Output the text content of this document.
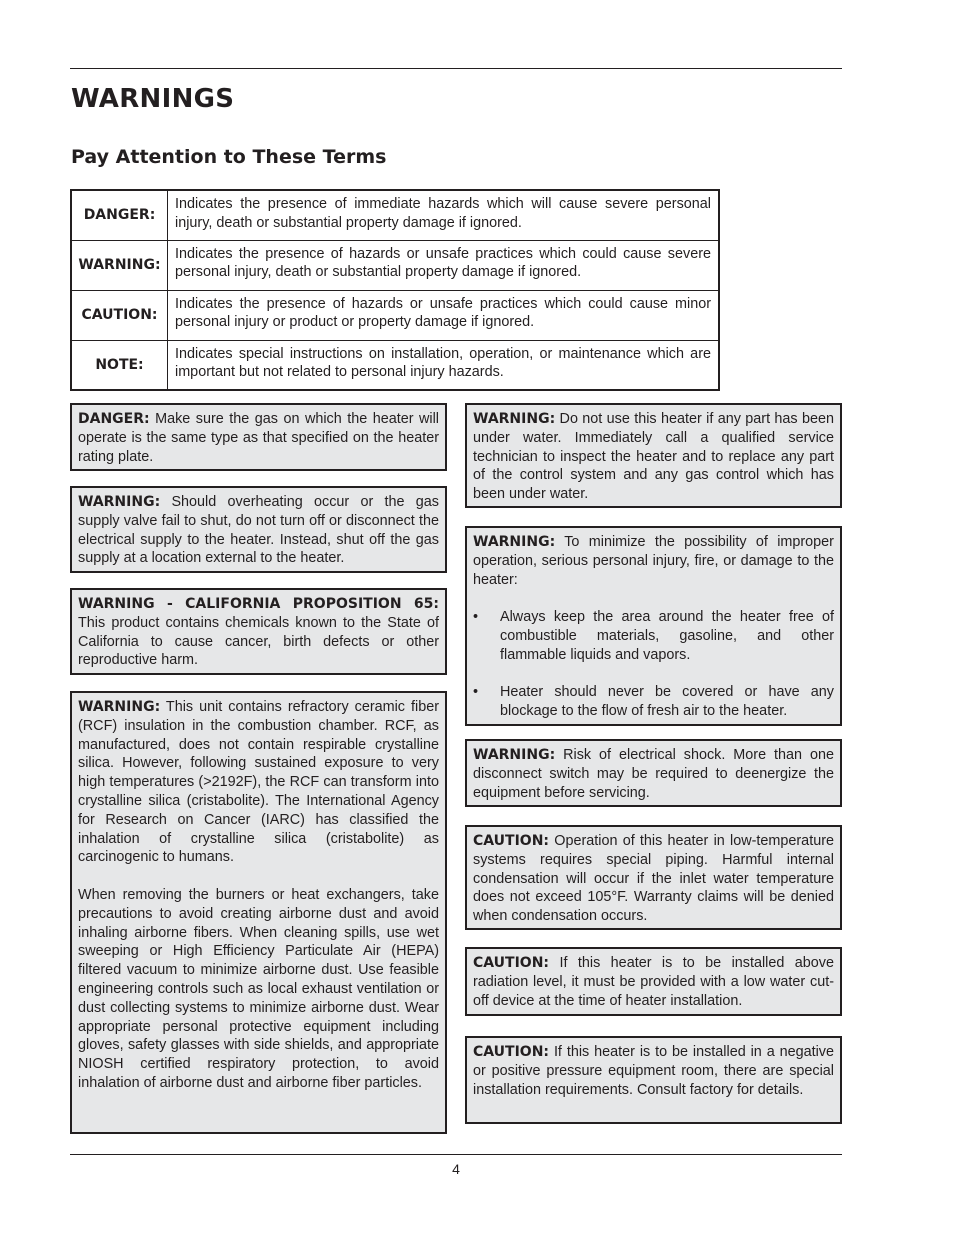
WARNINGS
Pay Attention to These Terms
DANGER:	Indicates the presence of immediate hazards which will cause severe personal injury, death or substantial property damage if ignored.
WARNING:	Indicates the presence of hazards or unsafe practices which could cause severe personal injury, death or substantial property damage if ignored.
CAUTION:	Indicates the presence of hazards or unsafe practices which could cause minor personal injury or product or property damage if ignored.
NOTE:	Indicates special instructions on installation, operation, or maintenance which are important but not related to personal injury hazards.

DANGER: Make sure the gas on which the heater will operate is the same type as that specified on the heater rating plate.

WARNING: Should overheating occur or the gas supply valve fail to shut, do not turn off or disconnect the electrical supply to the heater. Instead, shut off the gas supply at a location external to the heater.

WARNING - CALIFORNIA PROPOSITION 65: This product contains chemicals known to the State of California to cause cancer, birth defects or other reproductive harm.

WARNING: This unit contains refractory ceramic fiber (RCF) insulation in the combustion chamber. RCF, as manufactured, does not contain respirable crystalline silica. However, following sustained exposure to very high temperatures (>2192F), the RCF can transform into crystalline silica (cristabolite). The International Agency for Research on Cancer (IARC) has classified the inhalation of crystalline silica (cristabolite) as carcinogenic to humans.

When removing the burners or heat exchangers, take precautions to avoid creating airborne dust and avoid inhaling airborne fibers. When cleaning spills, use wet sweeping or High Efficiency Particulate Air (HEPA) filtered vacuum to minimize airborne dust. Use feasible engineering controls such as local exhaust ventilation or dust collecting systems to minimize airborne dust. Wear appropriate personal protective equipment including gloves, safety glasses with side shields, and appropriate NIOSH certified respiratory protection, to avoid inhalation of airborne dust and airborne fiber particles.

WARNING: Do not use this heater if any part has been under water. Immediately call a qualified service technician to inspect the heater and to replace any part of the control system and any gas control which has been under water.

WARNING: To minimize the possibility of improper operation, serious personal injury, fire, or damage to the heater:

• Always keep the area around the heater free of combustible materials, gasoline, and other flammable liquids and vapors.
• Heater should never be covered or have any blockage to the flow of fresh air to the heater.

WARNING: Risk of electrical shock. More than one disconnect switch may be required to deenergize the equipment before servicing.

CAUTION: Operation of this heater in low-temperature systems requires special piping. Harmful internal condensation will occur if the inlet water temperature does not exceed 105°F. Warranty claims will be denied when condensation occurs.

CAUTION: If this heater is to be installed above radiation level, it must be provided with a low water cut-off device at the time of heater installation.

CAUTION: If this heater is to be installed in a negative or positive pressure equipment room, there are special installation requirements. Consult factory for details.

4
